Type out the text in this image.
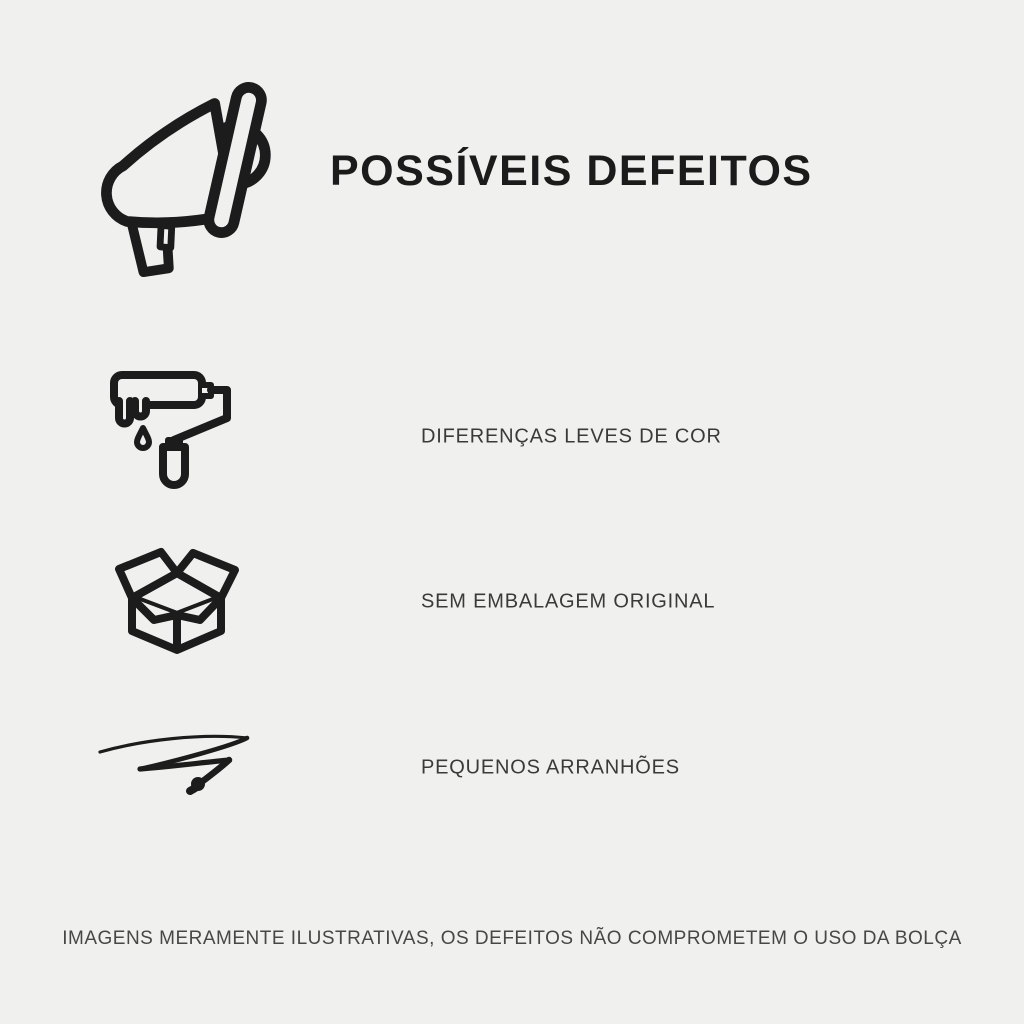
POSSÍVEIS DEFEITOS
DIFERENÇAS LEVES DE COR
SEM EMBALAGEM ORIGINAL
PEQUENOS ARRANHÕES
IMAGENS MERAMENTE ILUSTRATIVAS, OS DEFEITOS NÃO COMPROMETEM O USO DA BOLÇA
